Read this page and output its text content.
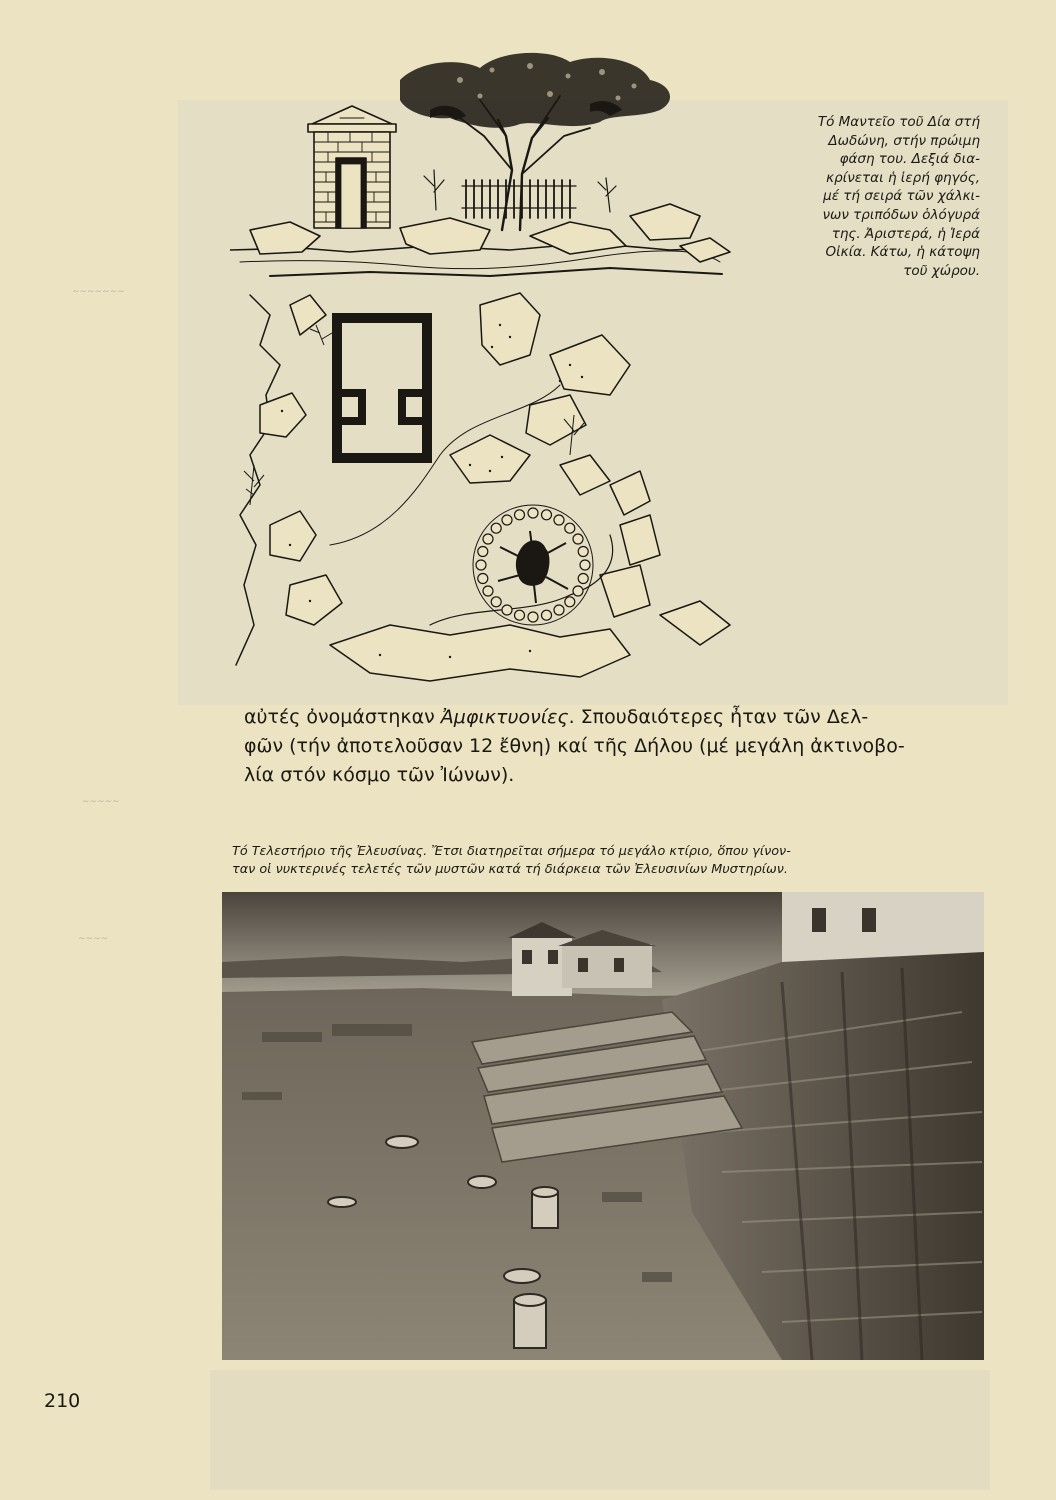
∼∼∼∼∼∼∼
∼∼∼∼∼
∼∼∼∼
Τό Μαντεῖο τοῦ Δία στή
Δωδώνη, στήν πρώιμη
φάση του. Δεξιά δια-
κρίνεται ἡ ἱερή φηγός,
μέ τή σειρά τῶν χάλκι-
νων τριπόδων ὁλόγυρά
της. Ἀριστερά, ἡ Ἱερά
Οἰκία. Κάτω, ἡ κάτοψη
τοῦ χώρου.
αὐτές ὀνομάστηκαν Ἀμφικτυονίες. Σπουδαιότερες ἦταν τῶν Δελ-
φῶν (τήν ἀποτελοῦσαν 12 ἔθνη) καί τῆς Δήλου (μέ μεγάλη ἀκτινοβο-
λία στόν κόσμο τῶν Ἰώνων).
Τό Τελεστήριο τῆς Ἐλευσίνας. Ἔτσι διατηρεῖται σήμερα τό μεγάλο κτίριο, ὅπου γίνον-
ταν οἱ νυκτερινές τελετές τῶν μυστῶν κατά τή διάρκεια τῶν Ἐλευσινίων Μυστηρίων.
210
